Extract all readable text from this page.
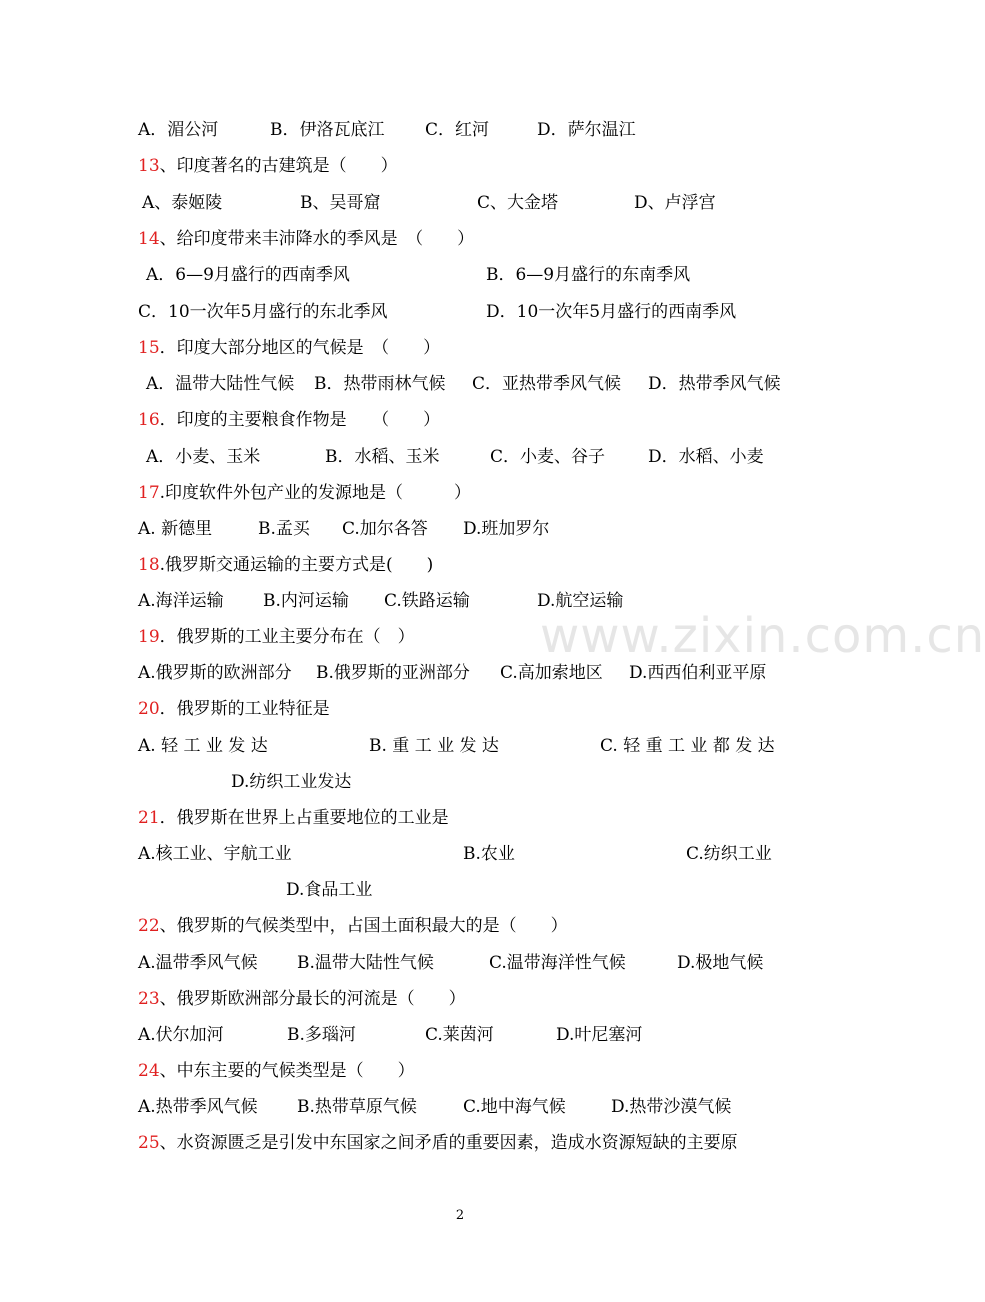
www.zixin.com.cn
A．湄公河	B．伊洛瓦底江 C．红河	D．萨尔温江
13、印度著名的古建筑是（　　）
A、泰姬陵	B、吴哥窟	C、大金塔	D、卢浮宫
14、给印度带来丰沛降水的季风是　（　　）
A．6—9月盛行的西南季风	B．6—9月盛行的东南季风
C．10一次年5月盛行的东北季风	D．10一次年5月盛行的西南季风
15．印度大部分地区的气候是　（　　）
A．温带大陆性气候 B．热带雨林气候 C．亚热带季风气候 D．热带季风气候
16．印度的主要粮食作物是　　（　　）
A．小麦、玉米	B．水稻、玉米	C．小麦、谷子	D．水稻、小麦
17.印度软件外包产业的发源地是（　　　）
A. 新德里	B.孟买 C.加尔各答 D.班加罗尔
18.俄罗斯交通运输的主要方式是(　　)
A.海洋运输 B.内河运输 C.铁路运输	D.航空运输
19．俄罗斯的工业主要分布在（　）
A.俄罗斯的欧洲部分 B.俄罗斯的亚洲部分 C.高加索地区 D.西西伯利亚平原
20．俄罗斯的工业特征是
A. 轻 工 业 发 达	B. 重 工 业 发 达	C. 轻 重 工 业 都 发 达
D.纺织工业发达
21．俄罗斯在世界上占重要地位的工业是
A.核工业、宇航工业	B.农业	C.纺织工业
D.食品工业
22、俄罗斯的气候类型中，占国土面积最大的是（　　）
A.温带季风气候 B.温带大陆性气候	C.温带海洋性气候	D.极地气候
23、俄罗斯欧洲部分最长的河流是（　　）
A.伏尔加河	B.多瑙河	C.莱茵河	D.叶尼塞河
24、中东主要的气候类型是（　　）
A.热带季风气候 B.热带草原气候	C.地中海气候	D.热带沙漠气候
25、水资源匮乏是引发中东国家之间矛盾的重要因素，造成水资源短缺的主要原
2
